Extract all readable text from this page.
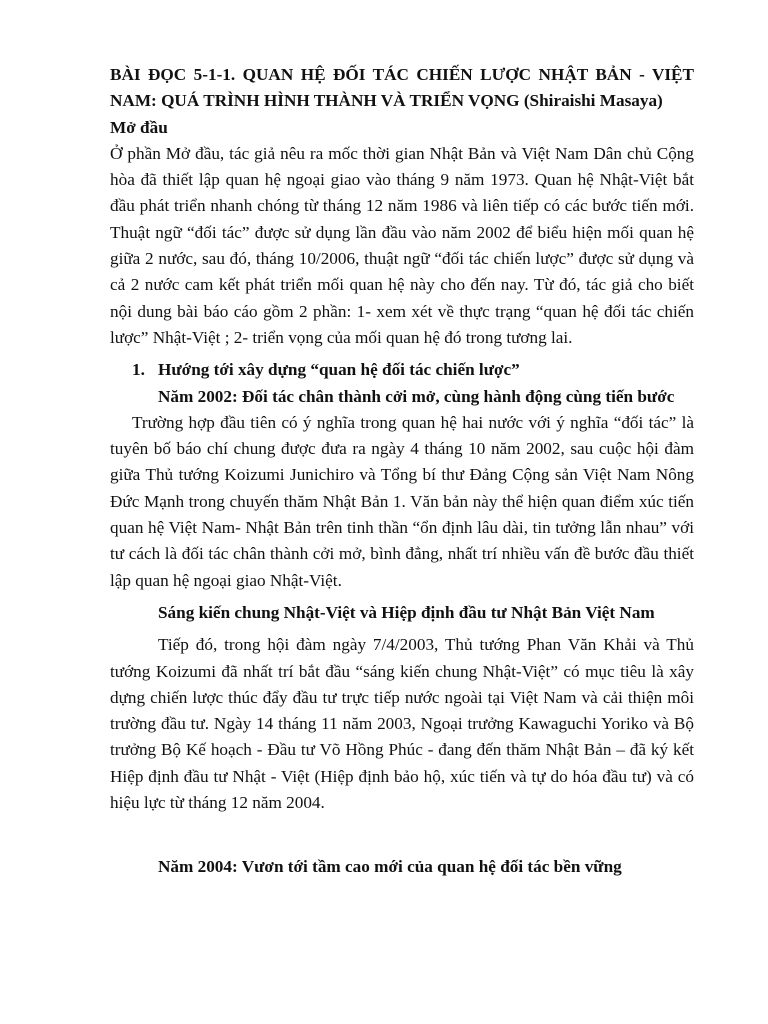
BÀI ĐỌC 5-1-1. QUAN HỆ ĐỐI TÁC CHIẾN LƯỢC NHẬT BẢN - VIỆT NAM: QUÁ TRÌNH HÌNH THÀNH VÀ TRIỂN VỌNG (Shiraishi Masaya)

Mở đầu

Ở phần Mở đầu, tác giả nêu ra mốc thời gian Nhật Bản và Việt Nam Dân chủ Cộng hòa đã thiết lập quan hệ ngoại giao vào tháng 9 năm 1973. Quan hệ Nhật-Việt bắt đầu phát triển nhanh chóng từ tháng 12 năm 1986 và liên tiếp có các bước tiến mới. Thuật ngữ “đối tác” được sử dụng lần đầu vào năm 2002 để biểu hiện mối quan hệ giữa 2 nước, sau đó, tháng 10/2006, thuật ngữ “đối tác chiến lược” được sử dụng và cả 2 nước cam kết phát triển mối quan hệ này cho đến nay. Từ đó, tác giả cho biết nội dung bài báo cáo gồm 2 phần: 1- xem xét về thực trạng “quan hệ đối tác chiến lược” Nhật-Việt ; 2- triển vọng của mối quan hệ đó trong tương lai.

1. Hướng tới xây dựng “quan hệ đối tác chiến lược”

Năm 2002: Đối tác chân thành cởi mở, cùng hành động cùng tiến bước

Trường hợp đầu tiên có ý nghĩa trong quan hệ hai nước với ý nghĩa “đối tác” là tuyên bố báo chí chung được đưa ra ngày 4 tháng 10 năm 2002, sau cuộc hội đàm giữa Thủ tướng Koizumi Junichiro và Tổng bí thư Đảng Cộng sản Việt Nam Nông Đức Mạnh trong chuyến thăm Nhật Bản 1. Văn bản này thể hiện quan điểm xúc tiến quan hệ Việt Nam- Nhật Bản trên tinh thần “ổn định lâu dài, tin tưởng lẫn nhau” với tư cách là đối tác chân thành cởi mở, bình đẳng, nhất trí nhiều vấn đề bước đầu thiết lập quan hệ ngoại giao Nhật-Việt.

Sáng kiến chung Nhật-Việt và Hiệp định đầu tư Nhật Bản Việt Nam

Tiếp đó, trong hội đàm ngày 7/4/2003, Thủ tướng Phan Văn Khải và Thủ tướng Koizumi đã nhất trí bắt đầu “sáng kiến chung Nhật-Việt” có mục tiêu là xây dựng chiến lược thúc đẩy đầu tư trực tiếp nước ngoài tại Việt Nam và cải thiện môi trường đầu tư. Ngày 14 tháng 11 năm 2003, Ngoại trưởng Kawaguchi Yoriko và Bộ trưởng Bộ Kế hoạch - Đầu tư Võ Hồng Phúc - đang đến thăm Nhật Bản – đã ký kết Hiệp định đầu tư Nhật - Việt (Hiệp định bảo hộ, xúc tiến và tự do hóa đầu tư) và có hiệu lực từ tháng 12 năm 2004.

Năm 2004: Vươn tới tầm cao mới của quan hệ đối tác bền vững
